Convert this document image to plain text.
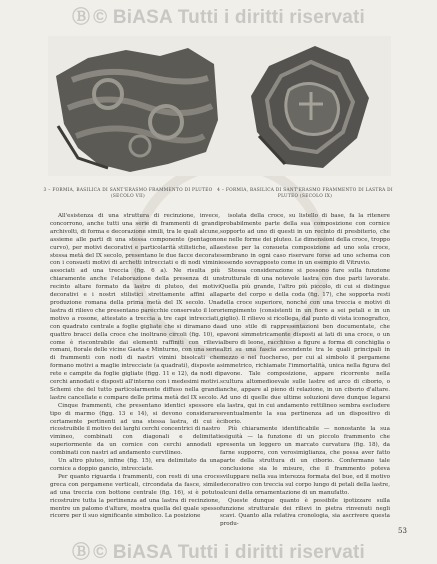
Ⓑ © BiASA Tutti i diritti riservati
3 – FORMIA, BASILICA DI SANT'ERASMO FRAMMENTO DI PLUTEO (SECOLO VII)
4 – FORMIA, BASILICA DI SANT'ERASMO FRAMMENTO DI LASTRA DI PLUTEO (SECOLO IX)

All'esistenza di una struttura di recinzione, invece, concorrono, anche tutti una serie di frammenti di grandi archivolti, di forma e decorazione simili, tra le quali alcune, assieme alle parti di una stessa componente (pentagono curvo), per motivi decorativi e particolarità stilistiche, alla stessa metà del IX secolo, presentano le due facce decorate con i consueti motivi di archetti intrecciati e di nodi vimini associati ad una treccia (fig. 6 a). Ne risulta più chiaramente anche l'elaborazione della presenza di un recinto altare formato da lastre di pluteo, dei motivi decorativi e i nostri stilistici strettamente affini alla produzione romana della prima metà del IX secolo. Una lastra di rilievo che presentano parecchie conservato il loro motivo a rosone, attestato a treccia a tre capi intrecciati, con quadrato centrale a foglie gigliate che si diramano da quattro bracci della croce che inoltrano circoli (fig. 10), e come è riscontrabile dai elementi raffiniti con rilievi romani, fiorale delle vicine Gaeta e Minturno, con una serie di frammenti con nodi di nastri vimini bisolcati che formano motivi a maglie intrecciate (a quadrati), disposte a rete e campite da foglie gigliate (figg. 11 e 12), da nodi di cerchi annodati e disposti all'interno con i medesimi motivi. Schemi che del tutto particolarmente diffuso nella grandi lastre cancellate e compare delle prima metà del IX secolo.

Cinque frammenti, che presentano identici spessore e tipo di marmo (figg. 13 e 14), si devono considerare certamente pertinenti ad una stessa lastra, di cui è ricostruibile il motivo dei larghi cerchi concentrici di nastro vimineo, combinati con diagonali e delimitati superiormente da un cornice con cerchi annodati e combinati con nastri ad andamento curvilineo.

Un altro pluteo, infine (fig. 15), era delimitato da una cornice a doppio gancio, intrecciate.

Per quanto riguarda i frammenti, con resti di una croce greca con pergamene verticali, circondata da fasce, simile ad una treccia con bottone centrale (fig. 16), si è potuto ricostruire tutta la pertinenza ad una lastra di recinzione, mentre un palomo d'alture, mostra quella del quale spesso ricorre per il suo significante simbolico. La posizione

isolata della croce, su listello di base, fa la ritenere probabilmente parte della sua composizione con cornice sopporto ad uno di questi in un recinto di presbiterio, che ne nelle forme dei pluteo. Le dimensioni della croce, troppo estese per la consueta composizione ad uno sola croce, sembrano in ogni caso riservare forse ad uno schema con essendo sovrapposto come in un esempio di Vitruvio.

Stessa considerazione si possono fare sulla funzione strutturale di una notevole lastra con due parti lavorate. Quella più grande, l'altro più piccolo, di cui si distingue parte del corpo e della coda (fig. 17), che sopporta resti della croce superiore, nonché con una treccia e motivi di riempimento (consistenti in un fiore a sei petali e in un giglio). Il rilievo si ricollega, dal punto di vista iconografico, ad uno stile di rappresentazioni ben documentate, che pavoni simmetricamente disposti ai lati di una croce, o un albero di leone, racchiuso a figure a forma di conchiglia o altri su una fascia ascendente tra le quali principali in mezzo e nel fuocherso, per cui al simbolo il pergamene simmetrico, richiamate l'immortalità, unica nella figura del pavone. Tale composizione, appare ricorrente nella scultura altomedioevale sulle lastre ed arco di ciborio, o anche, appare al pieno di relazione, in un ciborio d'altare. Ad uno di quelle due ultime soluzioni deve dunque legarsi la lastra, qui in cui andamento rettilineo sembra escludere eventualmente la sua pertinenza ad un dispositivo di ciborio.

Più chiaramente identificabile — nonostante la sua esiguità — la funzione di un piccolo frammento che presenta un leggero un marcato curvatura (fig. 18), da farne supporre, con verosimiglianza, che possa aver fatto parte della struttura di un ciborio. Confermano tale conclusione sia le misure, che il frammento poteva sviluppare nella sua interezza formata del bue, ed il motivo decorativo con treccia sul corpo lungo di petali della lastre, alcuni della ornamentazione di un manufatto.

Queste dunque quanto è possibile ipotizzare sulla funzione strutturale dei rilievi in pietra rinvenuti negli scavi. Quanto alla relativa cronologia, sia ascrivere questa produ-

53
Ⓑ © BiASA Tutti i diritti riservati
